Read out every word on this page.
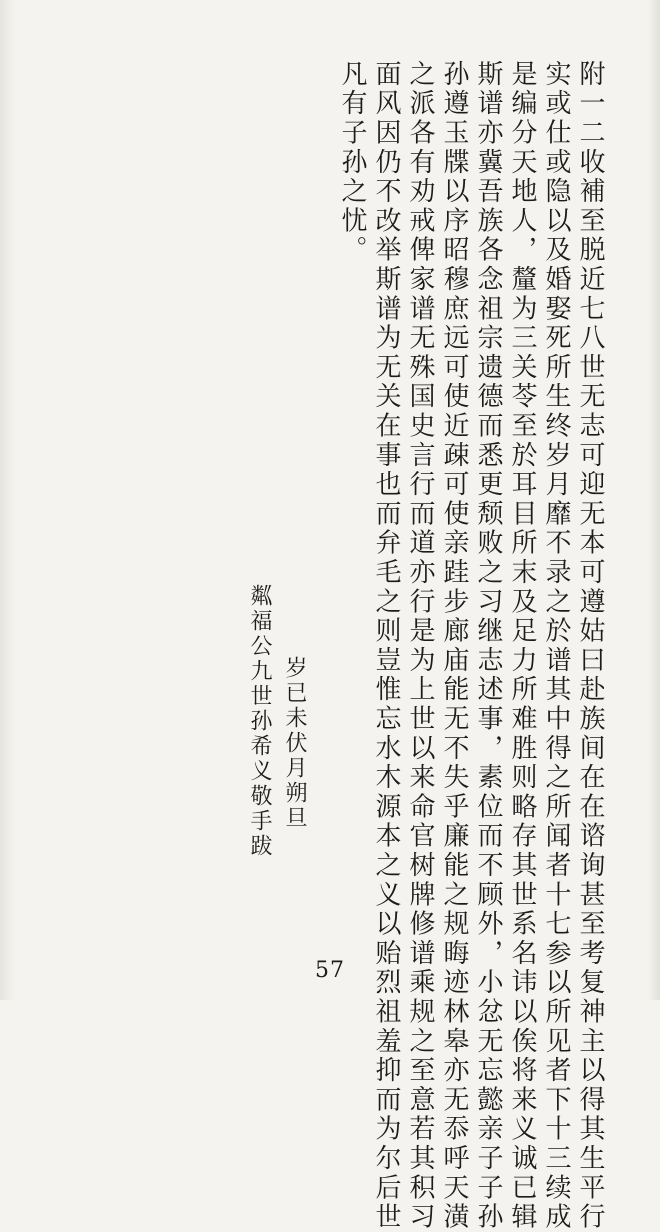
附一二收補至脱近七八世无志可迎无本可遵姑曰赴族间在在谘询甚至考复神主以得其生平行
实或仕或隐以及婚娶死所生终岁月靡不录之於谱其中得之所闻者十七参以所见者下十三续成
是编分天地人，釐为三关苓至於耳目所末及足力所难胜则略存其世系名讳以俟将来义诚已辑
斯谱亦冀吾族各念祖宗遗德而悉更颓败之习继志述事，素位而不顾外，小忿无忘懿亲子子孙
孙遵玉牒以序昭穆庶远可使近疎可使亲跬步廊庙能无不失乎廉能之规晦迹林皋亦无忝呼天潢
之派各有劝戒俾家谱无殊国史言行而道亦行是为上世以来命官树牌修谱乘规之至意若其积习
面风因仍不改举斯谱为无关在事也而弁毛之则豈惟忘水木源本之义以贻烈祖羞抑而为尔后世
凡有子孙之忧。
岁已未伏月朔旦
粼福公九世孙希义敬手跋
57
